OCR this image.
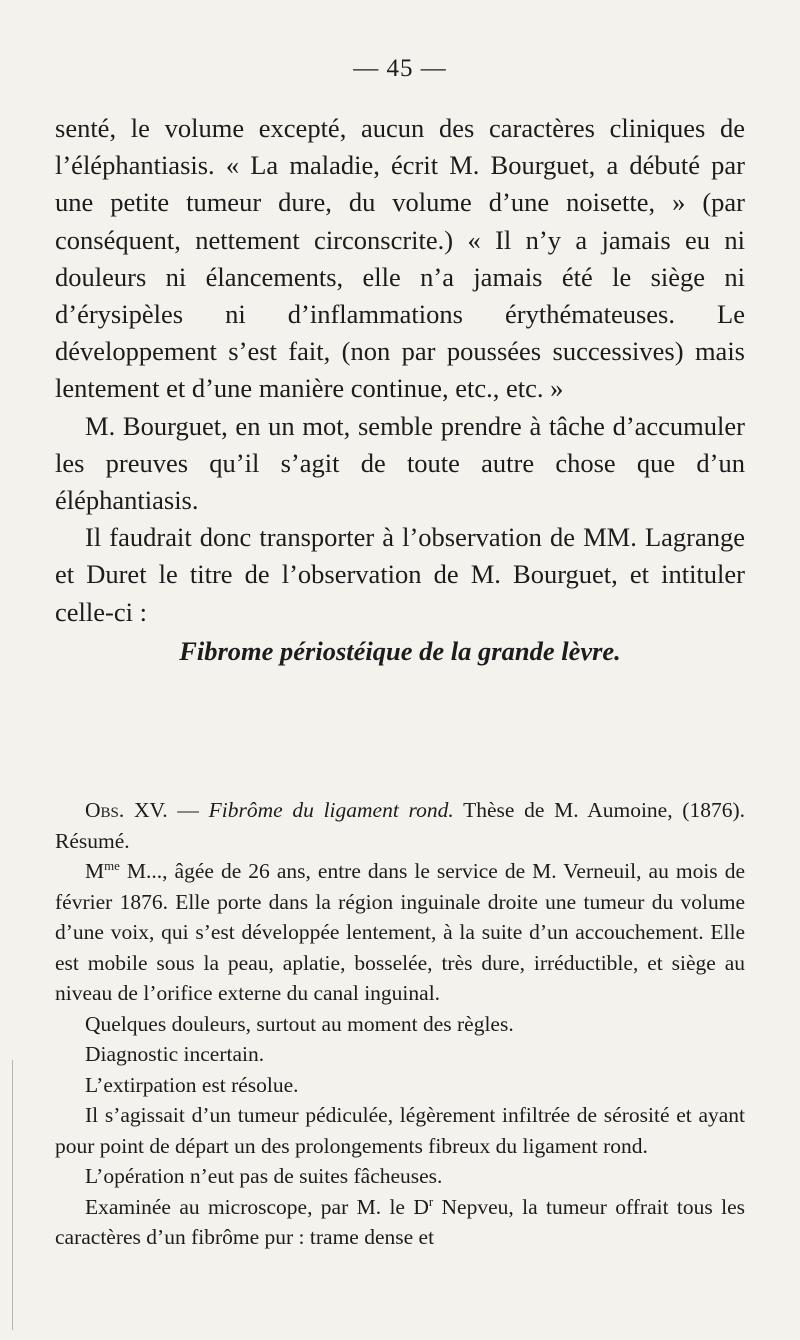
— 45 —

senté, le volume excepté, aucun des caractères cliniques de l’éléphantiasis. « La maladie, écrit M. Bourguet, a débuté par une petite tumeur dure, du volume d’une noisette, » (par conséquent, nettement circonscrite.) « Il n’y a jamais eu ni douleurs ni élancements, elle n’a jamais été le siège ni d’érysipèles ni d’inflammations érythémateuses. Le développement s’est fait, (non par poussées successives) mais lentement et d’une manière continue, etc., etc. »

M. Bourguet, en un mot, semble prendre à tâche d’accumuler les preuves qu’il s’agit de toute autre chose que d’un éléphantiasis.

Il faudrait donc transporter à l’observation de MM. Lagrange et Duret le titre de l’observation de M. Bourguet, et intituler celle-ci :

Fibrome périostéique de la grande lèvre.

Obs. XV. — Fibrôme du ligament rond. Thèse de M. Aumoine, (1876). Résumé.

$M^{me}$ M..., âgée de 26 ans, entre dans le service de M. Verneuil, au mois de février 1876. Elle porte dans la région inguinale droite une tumeur du volume d’une voix, qui s’est développée lentement, à la suite d’un accouchement. Elle est mobile sous la peau, aplatie, bosselée, très dure, irréductible, et siège au niveau de l’orifice externe du canal inguinal.

Quelques douleurs, surtout au moment des règles.

Diagnostic incertain.

L’extirpation est résolue.

Il s’agissait d’un tumeur pédiculée, légèrement infiltrée de sérosité et ayant pour point de départ un des prolongements fibreux du ligament rond.

L’opération n’eut pas de suites fâcheuses.

Examinée au microscope, par M. le $D^r$ Nepveu, la tumeur offrait tous les caractères d’un fibrôme pur : trame dense et
